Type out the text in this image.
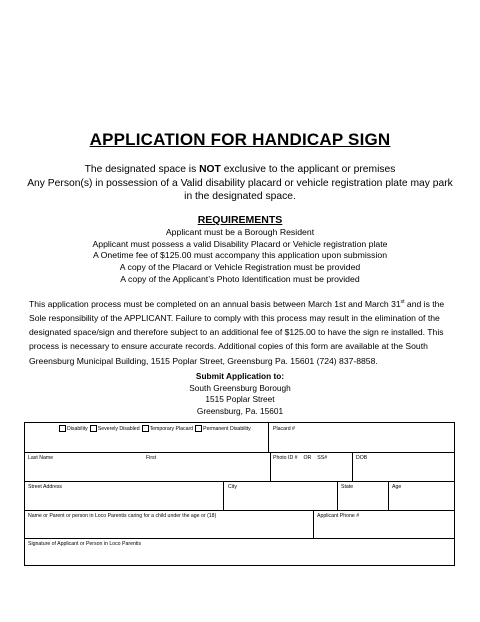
APPLICATION FOR HANDICAP SIGN
The designated space is NOT exclusive to the applicant or premises
Any Person(s) in possession of a Valid disability placard or vehicle registration plate may park
in the designated space.
REQUIREMENTS
Applicant must be a Borough Resident
Applicant must possess a valid Disability Placard or Vehicle registration plate
A Onetime fee of $125.00 must accompany this application upon submission
A copy of the Placard or Vehicle Registration must be provided
A copy of the Applicant’s Photo Identification must be provided
This application process must be completed on an annual basis between March 1st and March 31st and is the Sole responsibility of the APPLICANT. Failure to comply with this process may result in the elimination of the designated space/sign and therefore subject to an additional fee of $125.00 to have the sign re installed. This process is necessary to ensure accurate records. Additional copies of this form are available at the South Greensburg Municipal Building, 1515 Poplar Street, Greensburg Pa. 15601 (724) 837-8858.
Submit Application to:
South Greensburg Borough
1515 Poplar Street
Greensburg, Pa. 15601
Disability Severely Disabled Temporary Placard Permanent Disability	Placard #
Last Name	First	Photo ID # OR SS#	DOB
Street Address	City	State	Age
Name or Parent or person in Loco Parentis caring for a child under the age or (18)	Applicant Phone #
Signature of Applicant or Person in Loco Parentis
